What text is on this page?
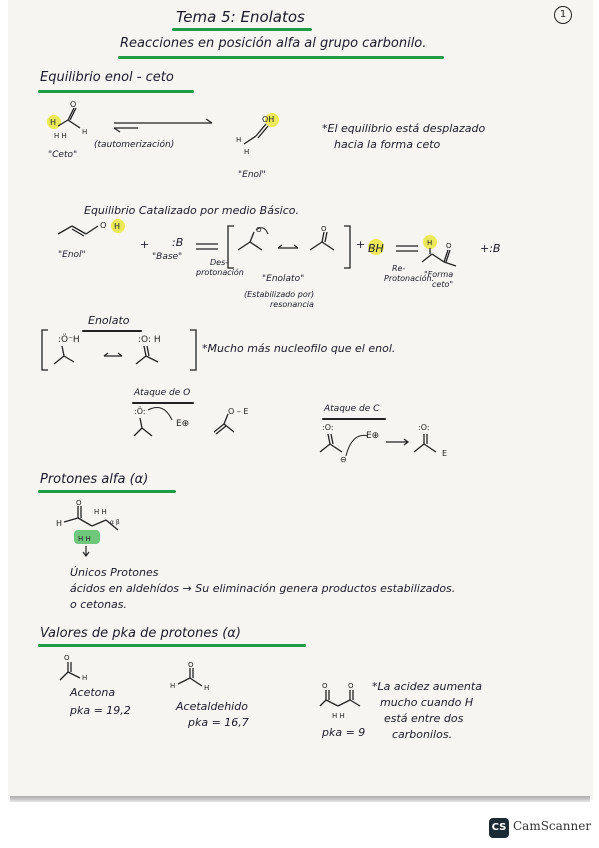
1
Tema 5: Enolatos
Reacciones en posición alfa al grupo carbonilo.
Equilibrio enol - ceto
O
H
H H H
"Ceto"
(tautomerización)
OH
H
H
"Enol"
*El equilibrio está desplazado
hacia la forma ceto
Equilibrio Catalizado por medio Básico.
O H
"Enol"
+ :B
"Base"
Des-
protonación
O	O
"Enolato"
(Estabilizado por)
resonancia
+ BH
Re-
Protonación.
O
H
"Forma
ceto"
+:B
Enolato
:Ö⁻H	:O: H
*Mucho más nucleofilo que el enol.
Ataque de O
:Ö:
E⊕
O – E	Ataque de C
:O:
⊖
E⊕
:O:
E
Protones alfa (α)
H
O
H H
α β
H H
Únicos Protones
ácidos en aldehídos → Su eliminación genera productos estabilizados.
o cetonas.
Valores de pka de protones (α)
O
H
Acetona
pka = 19,2
H
O
H
Acetaldehido
pka = 16,7
O	O
H H
pka = 9
*La acidez aumenta
mucho cuando H
está entre dos
carbonilos.
CS CamScanner
